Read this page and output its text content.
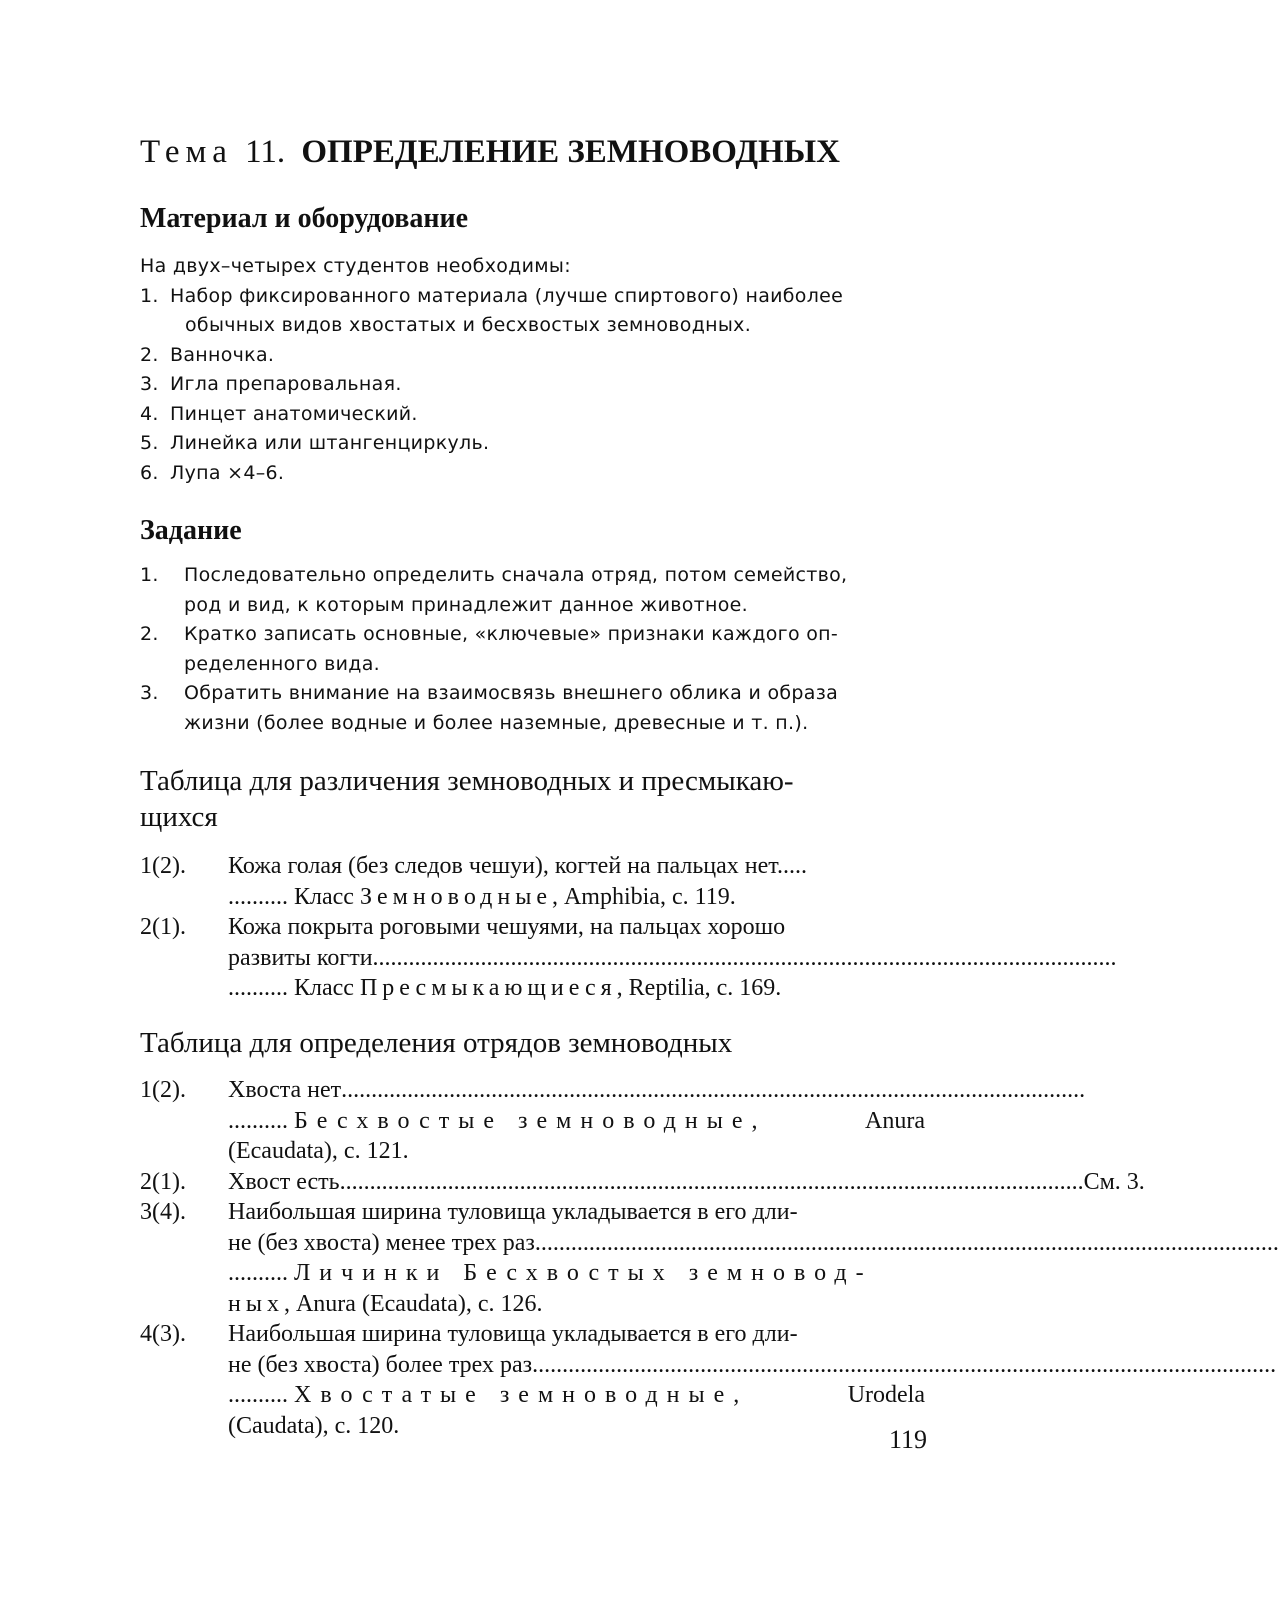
Тема 11. ОПРЕДЕЛЕНИЕ ЗЕМНОВОДНЫХ
Материал и оборудование
На двух–четырех студентов необходимы:
1. Набор фиксированного материала (лучше спиртового) наиболее
обычных видов хвостатых и бесхвостых земноводных.
2. Ванночка.
3. Игла препаровальная.
4. Пинцет анатомический.
5. Линейка или штангенциркуль.
6. Лупа ×4–6.
Задание
1.	Последовательно определить сначала отряд, потом семейство,
род и вид, к которым принадлежит данное животное.
2.	Кратко записать основные, «ключевые» признаки каждого оп-
ределенного вида.
3.	Обратить внимание на взаимосвязь внешнего облика и образа
жизни (более водные и более наземные, древесные и т. п.).
Таблица для различения земноводных и пресмыкаю-
щихся
1(2).	Кожа голая (без следов чешуи), когтей на пальцах нет.....
.......... Класс Земноводные, Amphibia, с. 119.
2(1).	Кожа покрыта роговыми чешуями, на пальцах хорошо
развиты когти ............................................................................................................................
.......... Класс Пресмыкающиеся, Reptilia, с. 169.
Таблица для определения отрядов земноводных
1(2).	Хвоста нет ............................................................................................................................
.......... Бесхвостые земноводные,	Anura
(Ecaudata), с. 121.
2(1).	Хвост есть ............................................................................................................................ См. 3.
3(4).	Наибольшая ширина туловища укладывается в его дли-
не (без хвоста) менее трех раз ............................................................................................................................
.......... Личинки Бесхвостых земновод-
ных, Anura (Ecaudata), с. 126.
4(3).	Наибольшая ширина туловища укладывается в его дли-
не (без хвоста) более трех раз ............................................................................................................................
.......... Хвостатые земноводные,	Urodela
(Caudata), с. 120.	119
